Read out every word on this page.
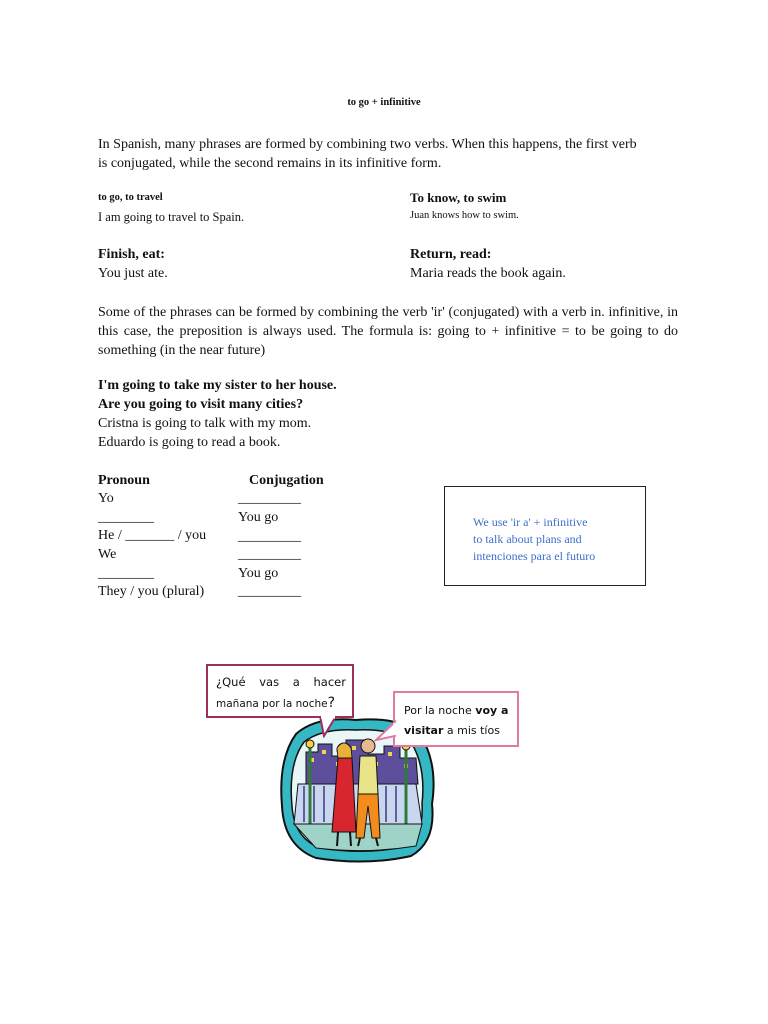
to go + infinitive
In Spanish, many phrases are formed by combining two verbs. When this happens, the first verb
is conjugated, while the second remains in its infinitive form.
to go, to travel
I am going to travel to Spain.
To know, to swim
Juan knows how to swim.
Finish, eat:
You just ate.
Return, read:
Maria reads the book again.
Some of the phrases can be formed by combining the verb 'ir' (conjugated) with a verb in. infinitive, in this case, the preposition is always used. The formula is: going to + infinitive = to be going to do something (in the near future)
I'm going to take my sister to her house.
Are you going to visit many cities?
Cristna is going to talk with my mom.
Eduardo is going to read a book.
Pronoun	Conjugation
Yo
________
He / _______ / you
We
________
They / you (plural)
_________
You go
_________
_________
You go
_________
We use 'ir a' + infinitive
to talk about plans and
intenciones para el futuro
¿Qué vas a hacer
mañana por la noche?	Por la noche voy a
visitar a mis tíos
